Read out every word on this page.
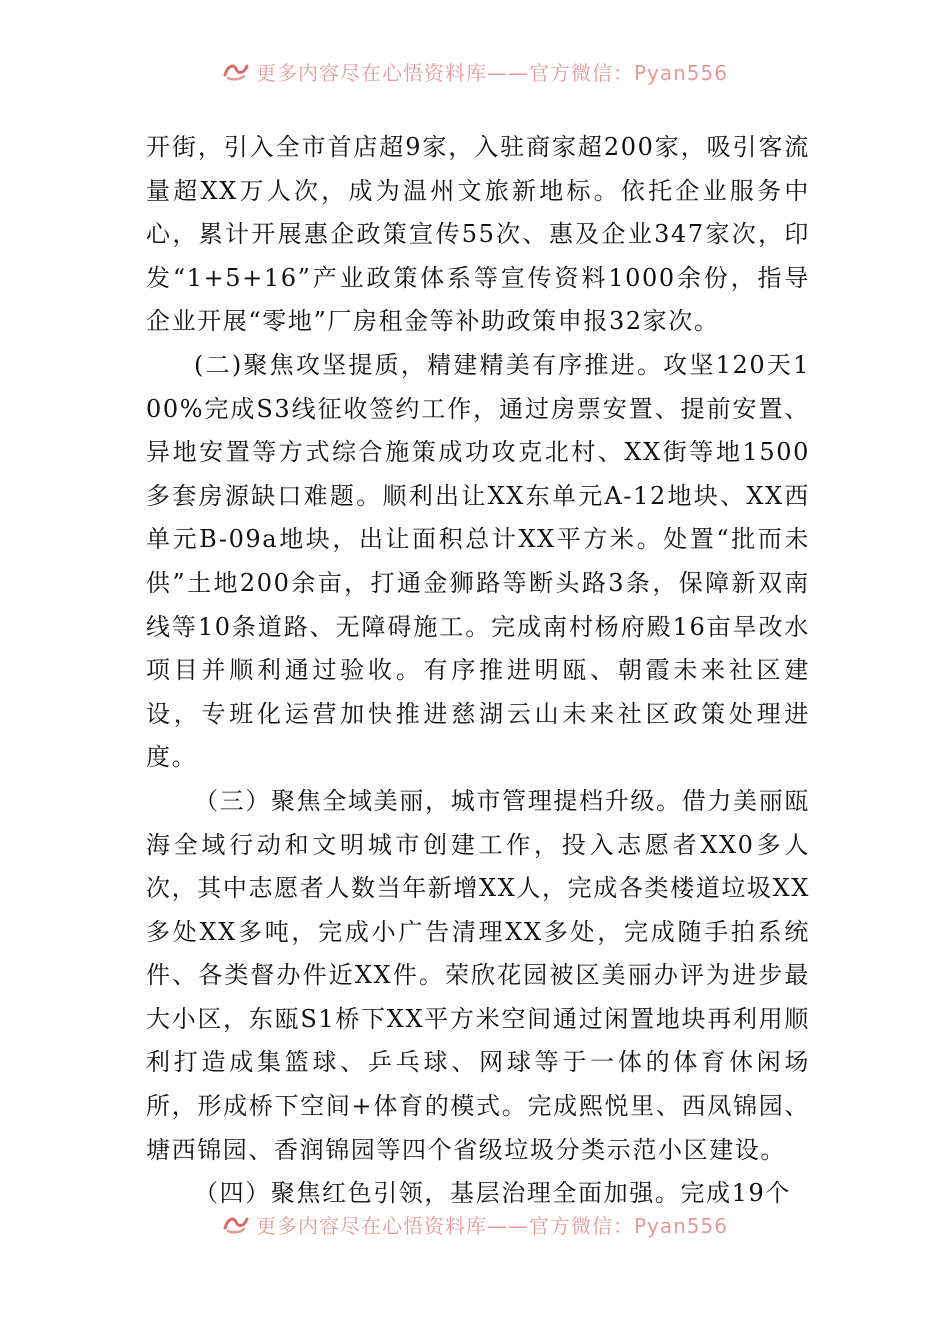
更多内容尽在心悟资料库——官方微信：Pyan556

开街，引入全市首店超9家，入驻商家超200家，吸引客流量超XX万人次，成为温州文旅新地标。依托企业服务中心，累计开展惠企政策宣传55次、惠及企业347家次，印发“1+5+16”产业政策体系等宣传资料1000余份，指导企业开展“零地”厂房租金等补助政策申报32家次。

(二)聚焦攻坚提质，精建精美有序推进。攻坚120天100%完成S3线征收签约工作，通过房票安置、提前安置、异地安置等方式综合施策成功攻克北村、XX街等地1500多套房源缺口难题。顺利出让XX东单元A-12地块、XX西单元B-09a地块，出让面积总计XX平方米。处置“批而未供”土地200余亩，打通金狮路等断头路3条，保障新双南线等10条道路、无障碍施工。完成南村杨府殿16亩旱改水项目并顺利通过验收。有序推进明瓯、朝霞未来社区建设，专班化运营加快推进慈湖云山未来社区政策处理进度。

（三）聚焦全域美丽，城市管理提档升级。借力美丽瓯海全域行动和文明城市创建工作，投入志愿者XX0多人次，其中志愿者人数当年新增XX人，完成各类楼道垃圾XX多处XX多吨，完成小广告清理XX多处，完成随手拍系统件、各类督办件近XX件。荣欣花园被区美丽办评为进步最大小区，东瓯S1桥下XX平方米空间通过闲置地块再利用顺利打造成集篮球、乒乓球、网球等于一体的体育休闲场所，形成桥下空间+体育的模式。完成熙悦里、西凤锦园、塘西锦园、香润锦园等四个省级垃圾分类示范小区建设。

（四）聚焦红色引领，基层治理全面加强。完成19个

更多内容尽在心悟资料库——官方微信：Pyan556
